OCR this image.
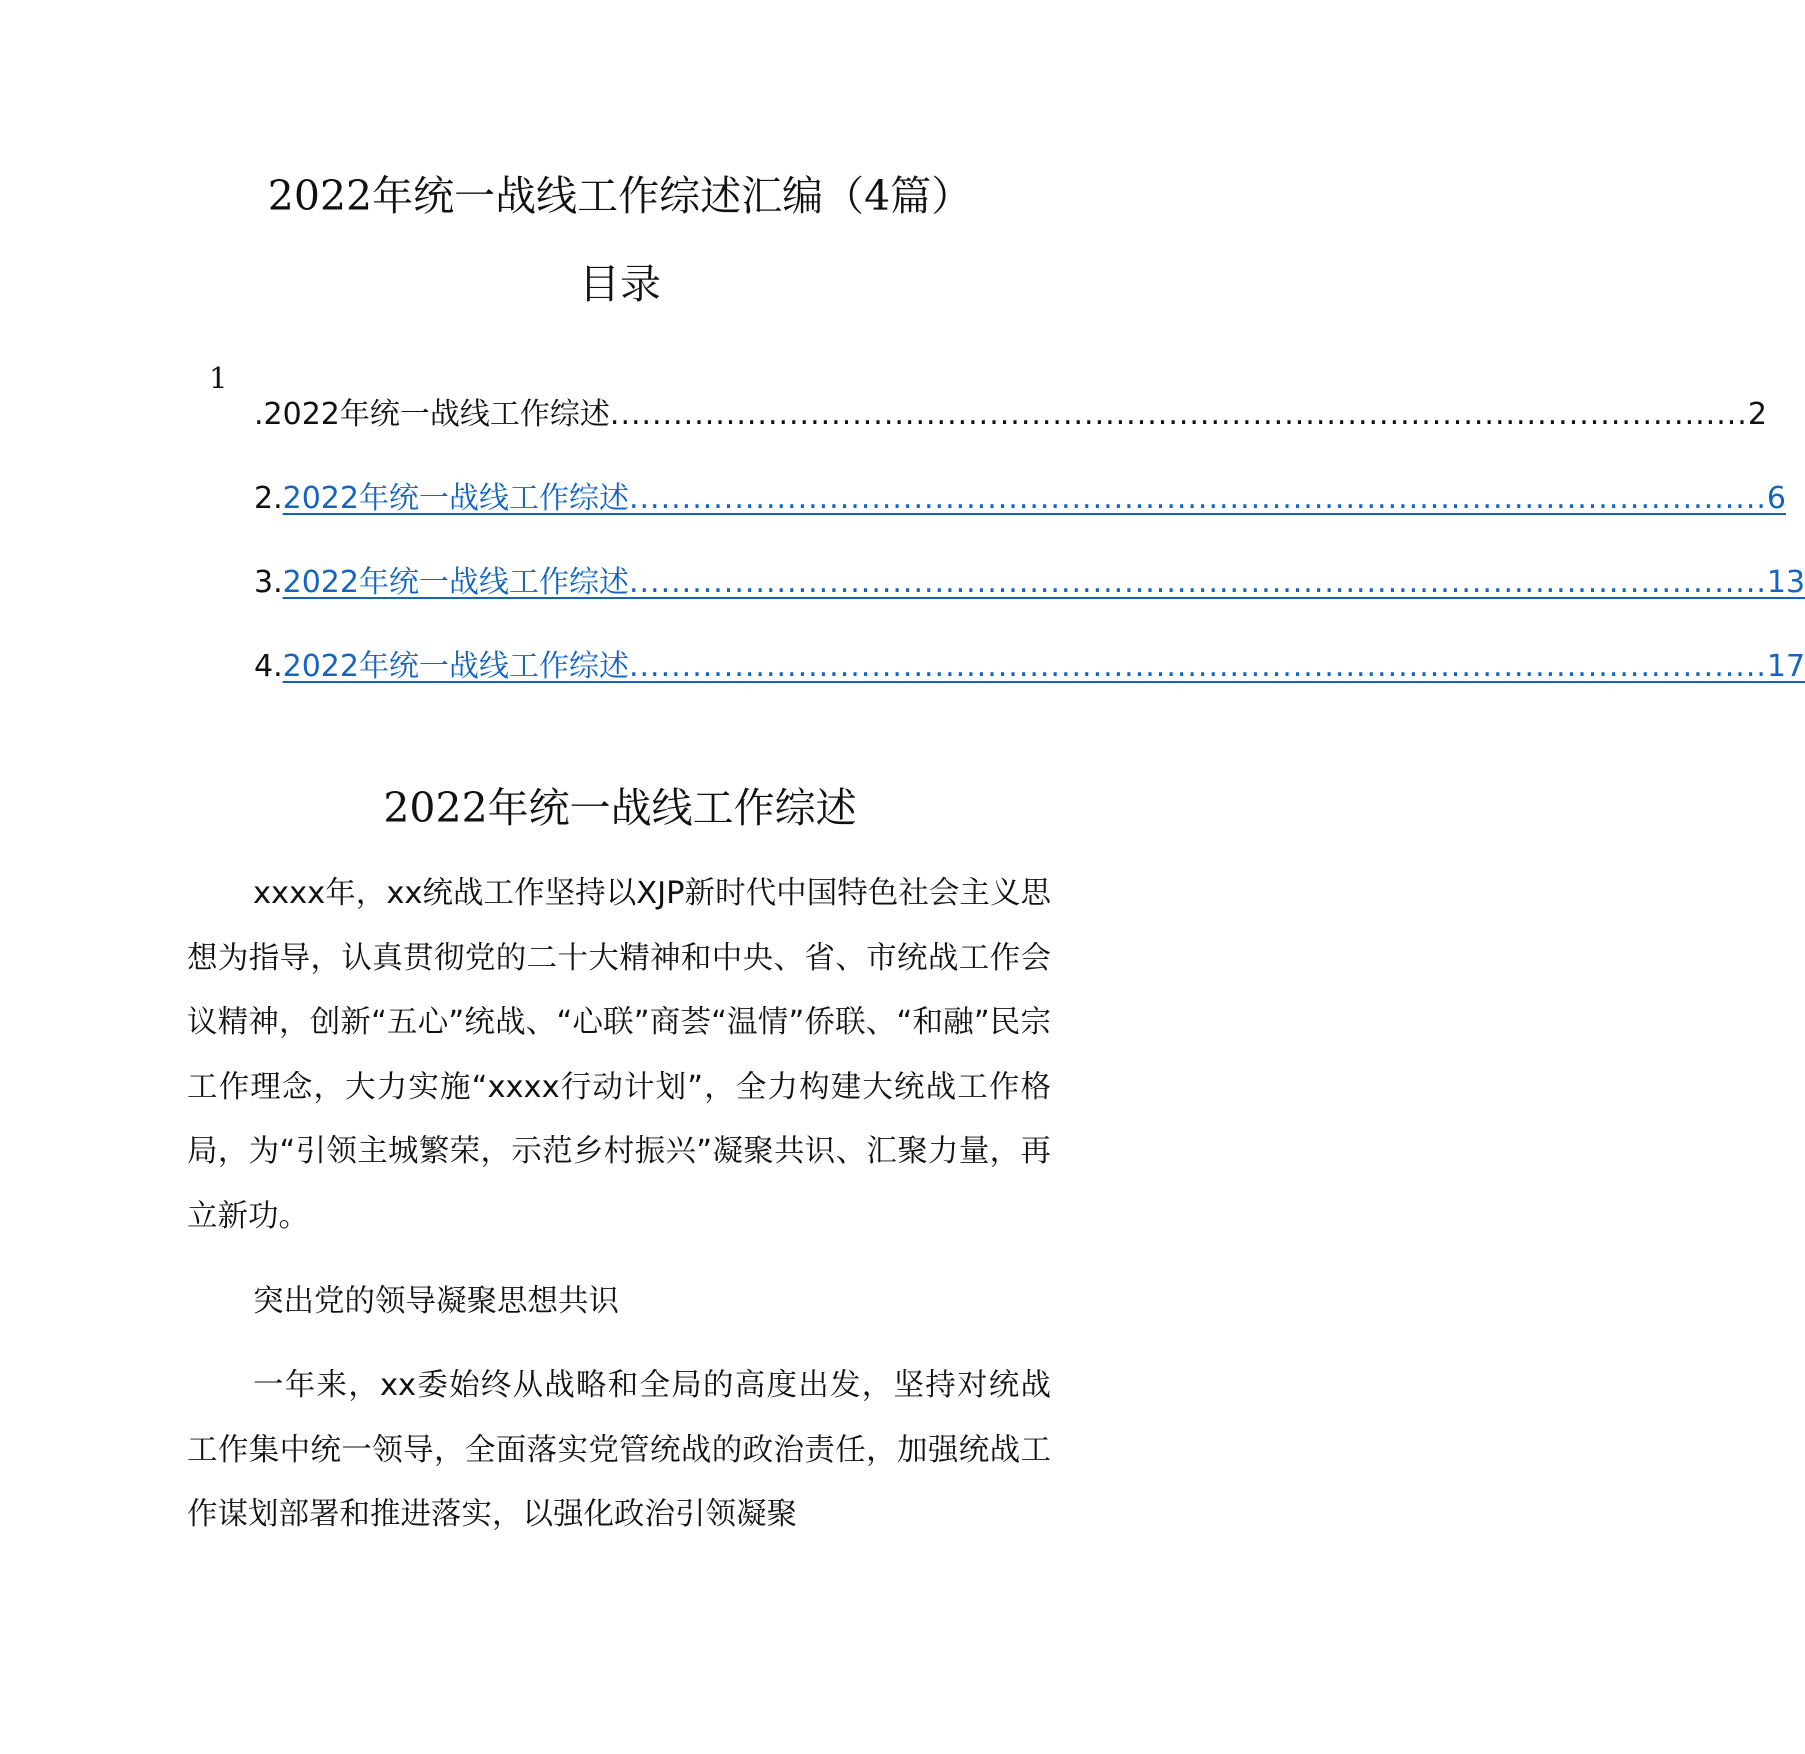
2022年统一战线工作综述汇编（4篇）
目录
1
. 2022年统一战线工作综述 ............................................................................................................ 2
2. 2022年统一战线工作综述 ............................................................................................................ 6
3. 2022年统一战线工作综述 ............................................................................................................ 13
4. 2022年统一战线工作综述 ............................................................................................................ 17
2022年统一战线工作综述

xxxx年，xx统战工作坚持以XJP新时代中国特色社会主义思想为指导，认真贯彻党的二十大精神和中央、省、市统战工作会议精神，创新“五心”统战、“心联”商荟“温情”侨联、“和融”民宗工作理念，大力实施“xxxx行动计划”，全力构建大统战工作格局，为“引领主城繁荣，示范乡村振兴”凝聚共识、汇聚力量，再立新功。

突出党的领导凝聚思想共识

一年来，xx委始终从战略和全局的高度出发，坚持对统战工作集中统一领导，全面落实党管统战的政治责任，加强统战工作谋划部署和推进落实，以强化政治引领凝聚
